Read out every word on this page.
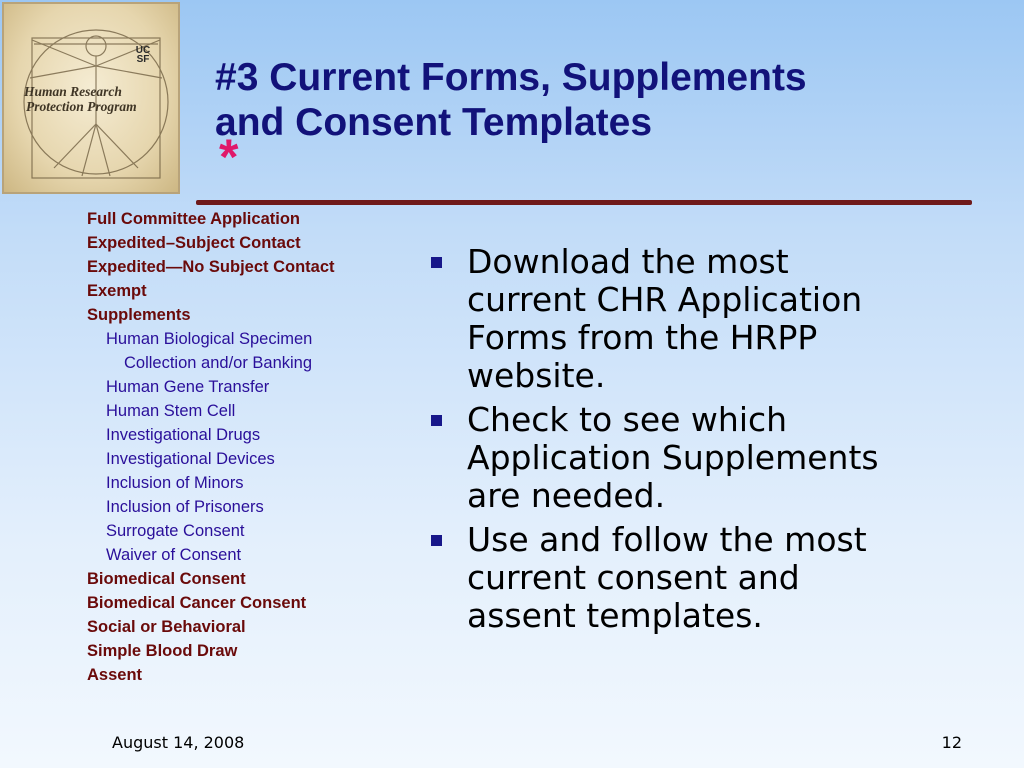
UC
SF
Human Research
Protection Program
#3 Current Forms, Supplements
and Consent Templates
*
Full Committee Application
Expedited–Subject Contact
Expedited—No Subject Contact
Exempt
Supplements
Human Biological Specimen
Collection and/or Banking
Human Gene Transfer
Human Stem Cell
Investigational Drugs
Investigational Devices
Inclusion of Minors
Inclusion of Prisoners
Surrogate Consent
Waiver of Consent
Biomedical Consent
Biomedical Cancer Consent
Social or Behavioral
Simple Blood Draw
Assent
Download the most current CHR Application Forms from the HRPP website.
Check to see which Application Supplements are needed.
Use and follow the most current consent and assent templates.
August 14, 2008	12
